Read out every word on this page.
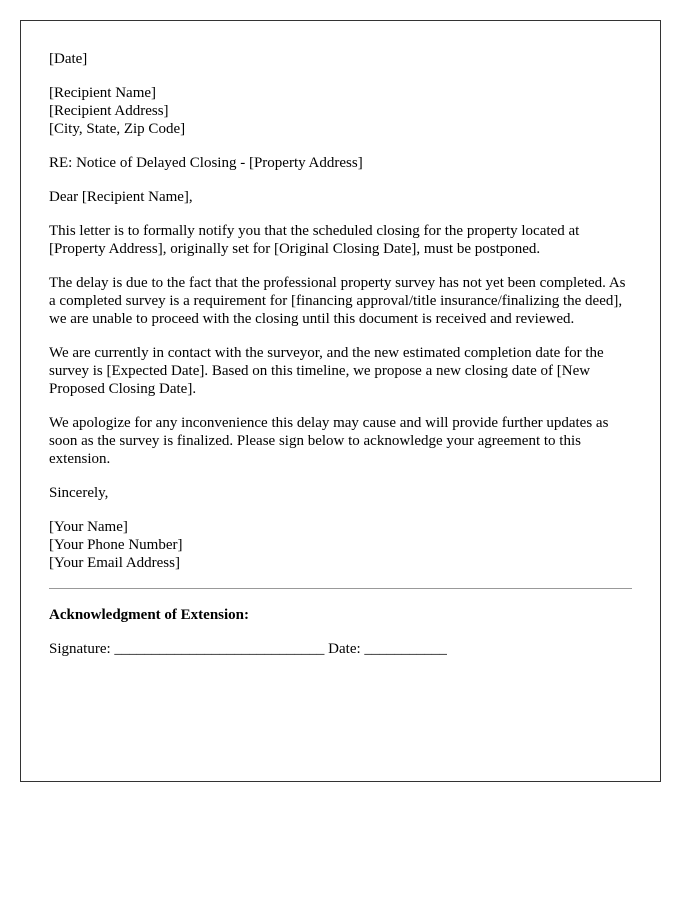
[Date]

[Recipient Name]
[Recipient Address]
[City, State, Zip Code]

RE: Notice of Delayed Closing - [Property Address]

Dear [Recipient Name],

This letter is to formally notify you that the scheduled closing for the property located at [Property Address], originally set for [Original Closing Date], must be postponed.

The delay is due to the fact that the professional property survey has not yet been completed. As a completed survey is a requirement for [financing approval/title insurance/finalizing the deed], we are unable to proceed with the closing until this document is received and reviewed.

We are currently in contact with the surveyor, and the new estimated completion date for the survey is [Expected Date]. Based on this timeline, we propose a new closing date of [New Proposed Closing Date].

We apologize for any inconvenience this delay may cause and will provide further updates as soon as the survey is finalized. Please sign below to acknowledge your agreement to this extension.

Sincerely,

[Your Name]
[Your Phone Number]
[Your Email Address]

Acknowledgment of Extension:

Signature: ____________________________ Date: ___________
